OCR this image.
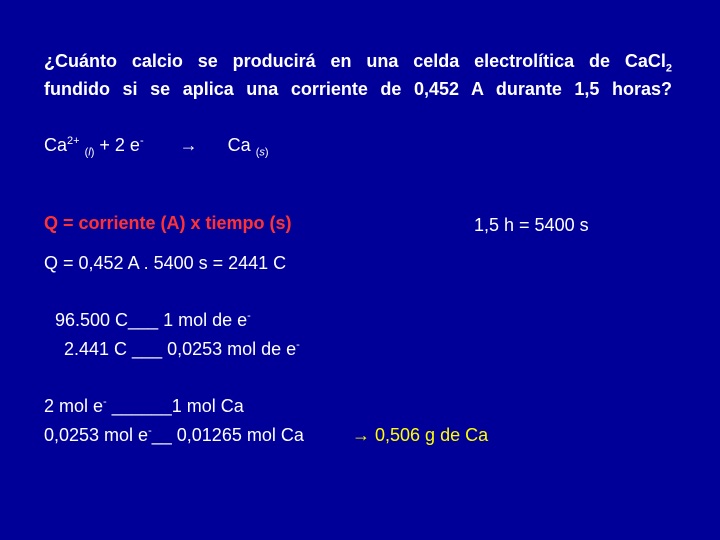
¿Cuánto calcio se producirá en una celda electrolítica de CaCl$_2$
fundido si se aplica una corriente de 0,452 A durante 1,5 horas?
$Ca^{2+}$ $_{(l)}$ + 2 e- → Ca $_{(s)}$
Q = corriente (A) x tiempo (s)	1,5 h = 5400 s
Q = 0,452 A . 5400 s = 2441 C
96.500 C___ 1 mol de e-
2.441 C ___ 0,0253 mol de e-
2 mol e- ______1 mol Ca
0,0253 mol e-__ 0,01265 mol Ca	→ 0,506 g de Ca
